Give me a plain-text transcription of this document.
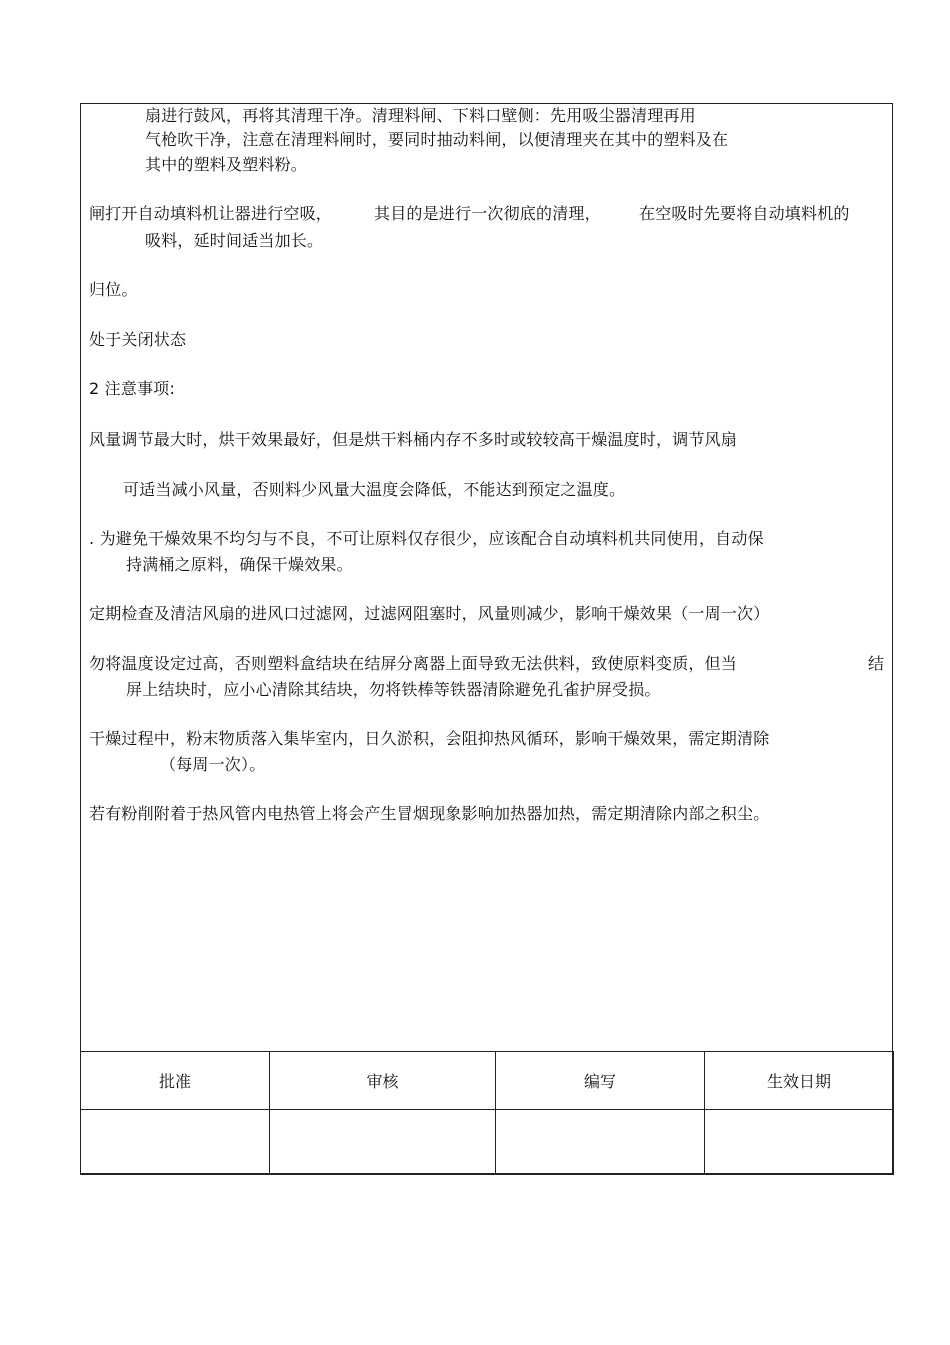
扇进行鼓风，再将其清理干净。清理料闸、下料口壁侧：先用吸尘器清理再用
气枪吹干净，注意在清理料闸时，要同时抽动料闸，以便清理夹在其中的塑料及在
其中的塑料及塑料粉。
闸打开自动填料机让器进行空吸，	其目的是进行一次彻底的清理， 在空吸时先要将自动填料机的
吸料，延时间适当加长。
归位。
处于关闭状态
2 注意事项:
风量调节最大时，烘干效果最好，但是烘干料桶内存不多时或较较高干燥温度时，调节风扇
可适当减小风量，否则料少风量大温度会降低，不能达到预定之温度。
. 为避免干燥效果不均匀与不良，不可让原料仅存很少，应该配合自动填料机共同使用，自动保
持满桶之原料，确保干燥效果。
定期检查及清洁风扇的进风口过滤网，过滤网阻塞时，风量则减少，影响干燥效果（一周一次）
勿将温度设定过高，否则塑料盒结块在结屏分离器上面导致无法供料，致使原料变质，但当	结
屏上结块时，应小心清除其结块，勿将铁棒等铁器清除避免孔雀护屏受损。
干燥过程中，粉末物质落入集毕室内，日久淤积，会阻抑热风循环，影响干燥效果，需定期清除
（每周一次）。
若有粉削附着于热风管内电热管上将会产生冒烟现象影响加热器加热，需定期清除内部之积尘。
批准	审核	编写	生效日期
